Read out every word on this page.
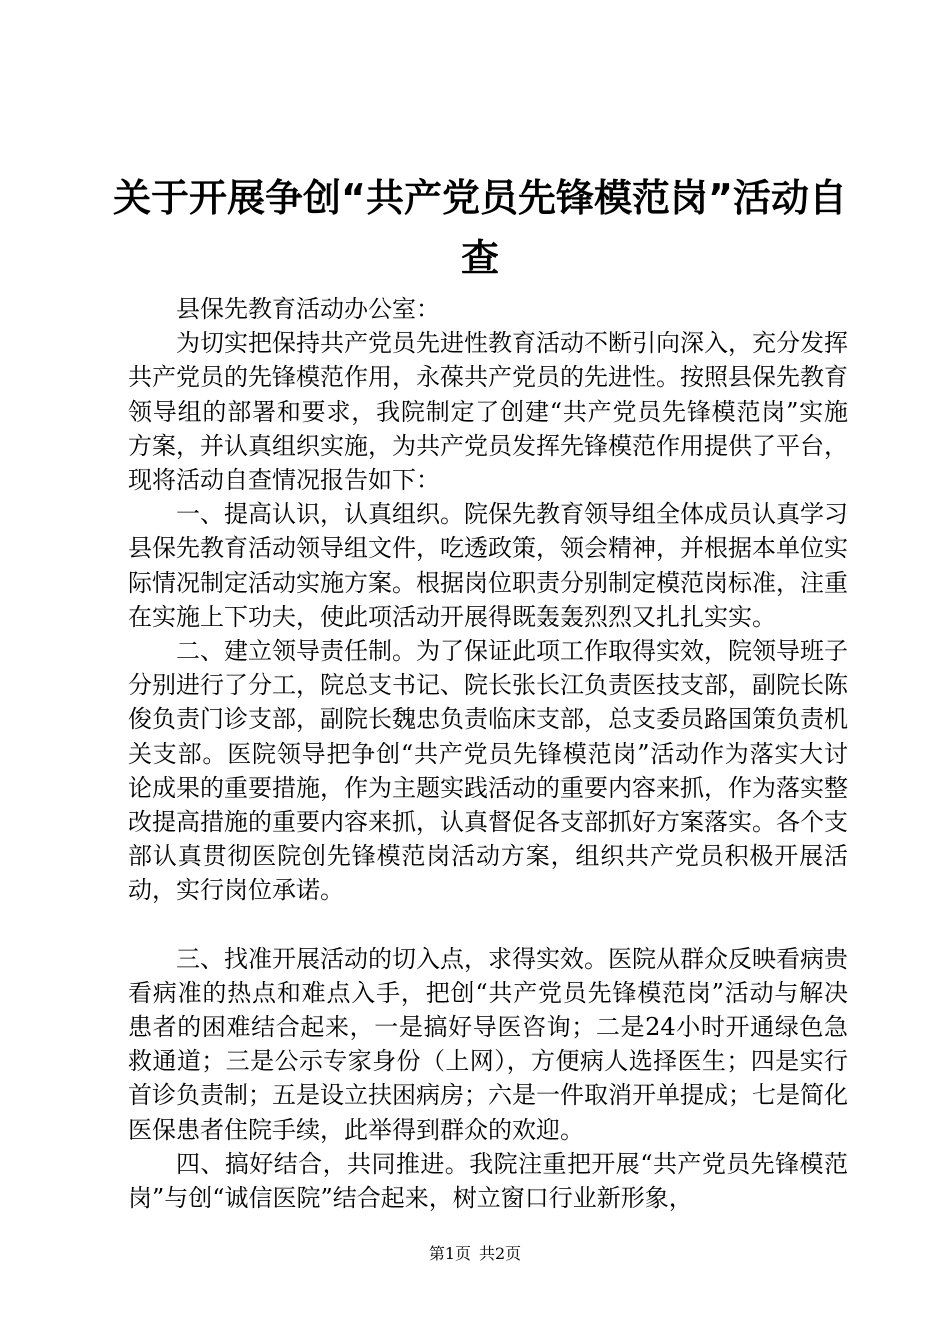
关于开展争创“共产党员先锋模范岗”活动自查

县保先教育活动办公室：

为切实把保持共产党员先进性教育活动不断引向深入，充分发挥共产党员的先锋模范作用，永葆共产党员的先进性。按照县保先教育领导组的部署和要求，我院制定了创建“共产党员先锋模范岗”实施方案，并认真组织实施，为共产党员发挥先锋模范作用提供了平台，现将活动自查情况报告如下：

一、提高认识，认真组织。院保先教育领导组全体成员认真学习县保先教育活动领导组文件，吃透政策，领会精神，并根据本单位实际情况制定活动实施方案。根据岗位职责分别制定模范岗标准，注重在实施上下功夫，使此项活动开展得既轰轰烈烈又扎扎实实。

二、建立领导责任制。为了保证此项工作取得实效，院领导班子分别进行了分工，院总支书记、院长张长江负责医技支部，副院长陈俊负责门诊支部，副院长魏忠负责临床支部，总支委员路国策负责机关支部。医院领导把争创“共产党员先锋模范岗”活动作为落实大讨论成果的重要措施，作为主题实践活动的重要内容来抓，作为落实整改提高措施的重要内容来抓，认真督促各支部抓好方案落实。各个支部认真贯彻医院创先锋模范岗活动方案，组织共产党员积极开展活动，实行岗位承诺。

三、找准开展活动的切入点，求得实效。医院从群众反映看病贵看病准的热点和难点入手，把创“共产党员先锋模范岗”活动与解决患者的困难结合起来，一是搞好导医咨询；二是24小时开通绿色急救通道；三是公示专家身份（上网），方便病人选择医生；四是实行首诊负责制；五是设立扶困病房；六是一件取消开单提成；七是简化医保患者住院手续，此举得到群众的欢迎。

四、搞好结合，共同推进。我院注重把开展“共产党员先锋模范岗”与创“诚信医院”结合起来，树立窗口行业新形象，

第1页 共2页
